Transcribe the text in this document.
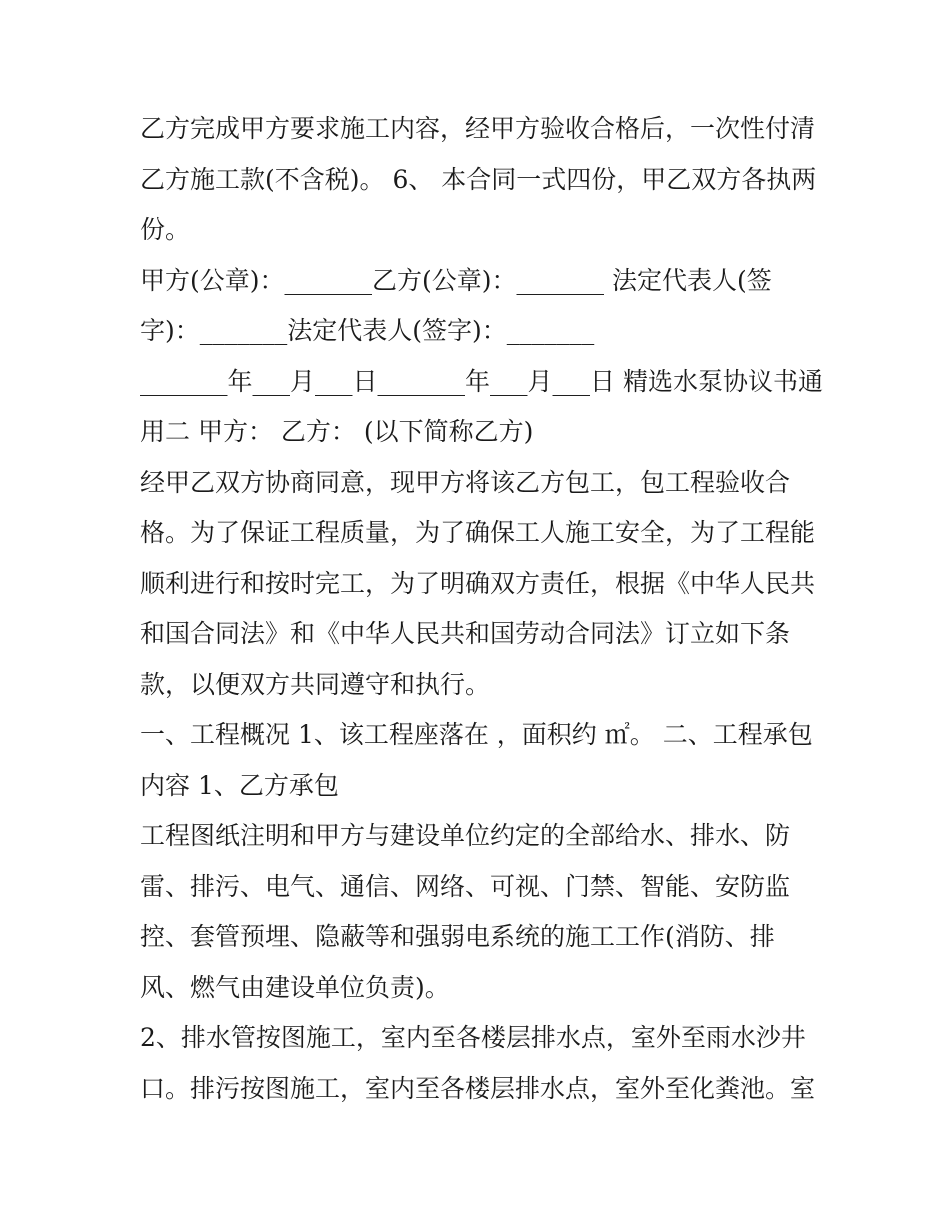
乙方完成甲方要求施工内容，经甲方验收合格后，一次性付清
乙方施工款(不含税)。 6、 本合同一式四份，甲乙双方各执两
份。
甲方(公章)：_______乙方(公章)：_______ 法定代表人(签
字)：_______法定代表人(签字)：_______
_______年___月___日_______年___月___日 精选水泵协议书通
用二 甲方： 乙方： (以下简称乙方)
经甲乙双方协商同意，现甲方将该乙方包工，包工程验收合
格。为了保证工程质量，为了确保工人施工安全，为了工程能
顺利进行和按时完工，为了明确双方责任，根据《中华人民共
和国合同法》和《中华人民共和国劳动合同法》订立如下条
款，以便双方共同遵守和执行。
一、工程概况 1、该工程座落在 ，面积约 ㎡。 二、工程承包
内容 1、乙方承包
工程图纸注明和甲方与建设单位约定的全部给水、排水、防
雷、排污、电气、通信、网络、可视、门禁、智能、安防监
控、套管预埋、隐蔽等和强弱电系统的施工工作(消防、排
风、燃气由建设单位负责)。
2、排水管按图施工，室内至各楼层排水点，室外至雨水沙井
口。排污按图施工，室内至各楼层排水点，室外至化粪池。室
